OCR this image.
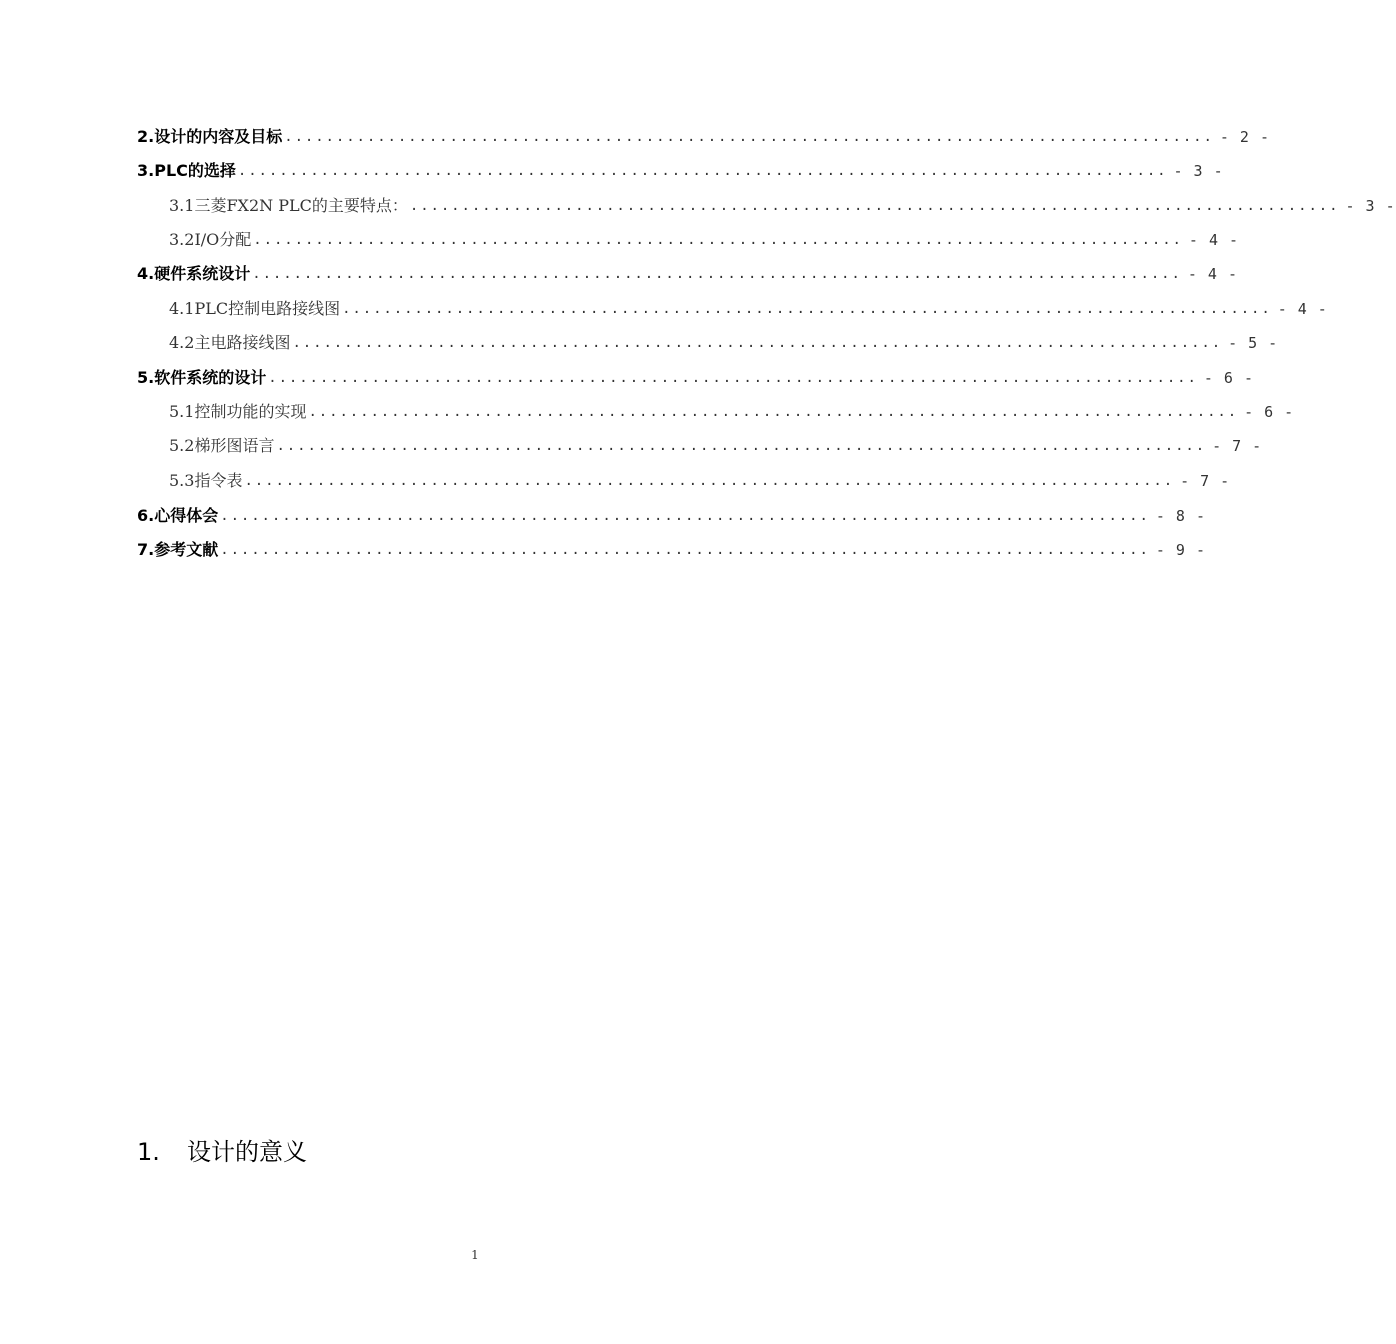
2. 设计的内容及目标 .......................................................................................... - 2 -
3. PLC的选择 .......................................................................................... - 3 -
3.1 三菱FX2N PLC的主要特点： .......................................................................................... - 3 -
3.2 I/O分配 .......................................................................................... - 4 -
4. 硬件系统设计 .......................................................................................... - 4 -
4.1 PLC控制电路接线图 .......................................................................................... - 4 -
4.2 主电路接线图 .......................................................................................... - 5 -
5. 软件系统的设计 .......................................................................................... - 6 -
5.1 控制功能的实现 .......................................................................................... - 6 -
5.2 梯形图语言 .......................................................................................... - 7 -
5.3 指令表 .......................................................................................... - 7 -
6. 心得体会 .......................................................................................... - 8 -
7. 参考文献 .......................................................................................... - 9 -
1. 设计的意义
1
